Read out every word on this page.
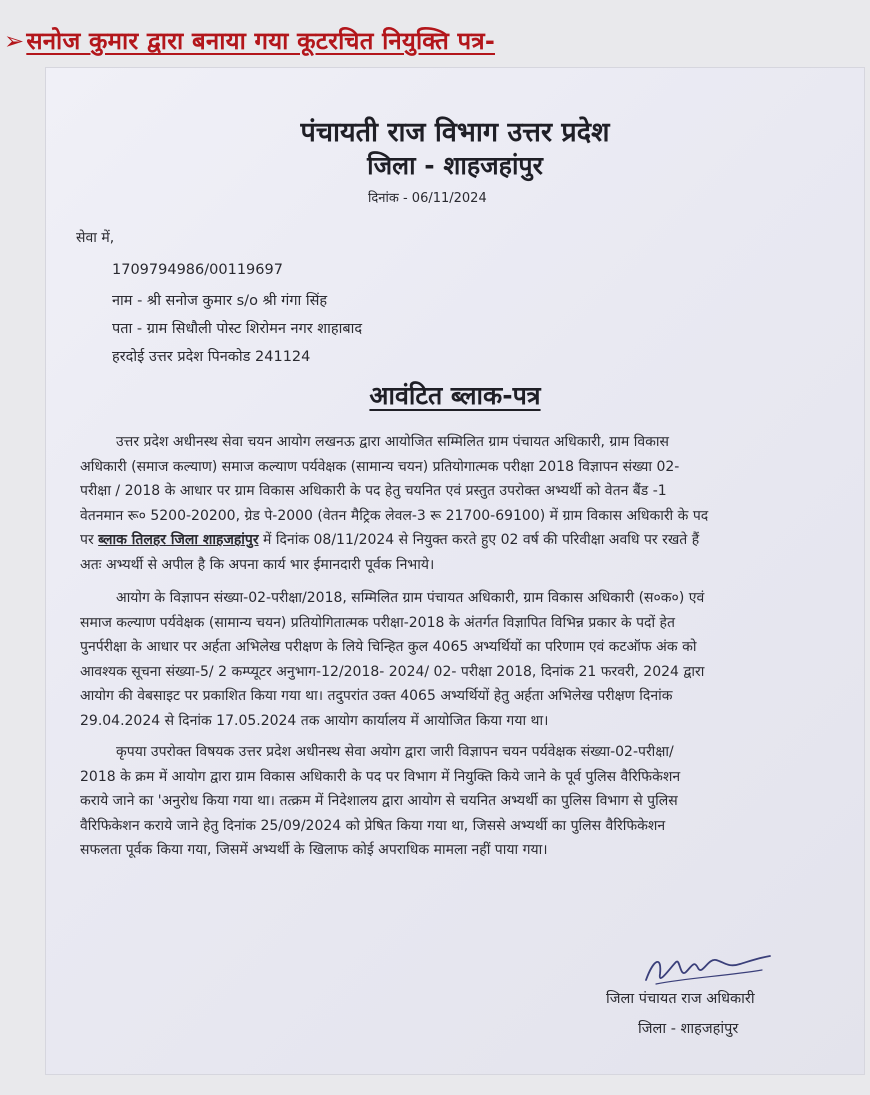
➢सनोज कुमार द्वारा बनाया गया कूटरचित नियुक्ति पत्र-
पंचायती राज विभाग उत्तर प्रदेश
जिला - शाहजहांपुर
दिनांक - 06/11/2024
सेवा में,
1709794986/00119697
नाम - श्री सनोज कुमार s/o श्री गंगा सिंह
पता - ग्राम सिधौली पोस्ट शिरोमन नगर शाहाबाद
हरदोई उत्तर प्रदेश पिनकोड 241124
आवंटित ब्लाक-पत्र
उत्तर प्रदेश अधीनस्थ सेवा चयन आयोग लखनऊ द्वारा आयोजित सम्मिलित ग्राम पंचायत अधिकारी, ग्राम विकास
अधिकारी (समाज कल्याण) समाज कल्याण पर्यवेक्षक (सामान्य चयन) प्रतियोगात्मक परीक्षा 2018 विज्ञापन संख्या 02-
परीक्षा / 2018 के आधार पर ग्राम विकास अधिकारी के पद हेतु चयनित एवं प्रस्तुत उपरोक्त अभ्यर्थी को वेतन बैंड -1
वेतनमान रू० 5200-20200, ग्रेड पे-2000 (वेतन मैट्रिक लेवल-3 रू 21700-69100) में ग्राम विकास अधिकारी के पद
पर ब्लाक तिलहर जिला शाहजहांपुर में दिनांक 08/11/2024 से नियुक्त करते हुए 02 वर्ष की परिवीक्षा अवधि पर रखते हैं
अतः अभ्यर्थी से अपील है कि अपना कार्य भार ईमानदारी पूर्वक निभाये।
आयोग के विज्ञापन संख्या-02-परीक्षा/2018, सम्मिलित ग्राम पंचायत अधिकारी, ग्राम विकास अधिकारी (स०क०) एवं
समाज कल्याण पर्यवेक्षक (सामान्य चयन) प्रतियोगितात्मक परीक्षा-2018 के अंतर्गत विज्ञापित विभिन्न प्रकार के पदों हेत
पुनर्परीक्षा के आधार पर अर्हता अभिलेख परीक्षण के लिये चिन्हित कुल 4065 अभ्यर्थियों का परिणाम एवं कटऑफ अंक को
आवश्यक सूचना संख्या-5/ 2 कम्प्यूटर अनुभाग-12/2018- 2024/ 02- परीक्षा 2018, दिनांक 21 फरवरी, 2024 द्वारा
आयोग की वेबसाइट पर प्रकाशित किया गया था। तदुपरांत उक्त 4065 अभ्यर्थियों हेतु अर्हता अभिलेख परीक्षण दिनांक
29.04.2024 से दिनांक 17.05.2024 तक आयोग कार्यालय में आयोजित किया गया था।
कृपया उपरोक्त विषयक उत्तर प्रदेश अधीनस्थ सेवा अयोग द्वारा जारी विज्ञापन चयन पर्यवेक्षक संख्या-02-परीक्षा/
2018 के क्रम में आयोग द्वारा ग्राम विकास अधिकारी के पद पर विभाग में नियुक्ति किये जाने के पूर्व पुलिस वैरिफिकेशन
कराये जाने का 'अनुरोध किया गया था। तत्क्रम में निदेशालय द्वारा आयोग से चयनित अभ्यर्थी का पुलिस विभाग से पुलिस
वैरिफिकेशन कराये जाने हेतु दिनांक 25/09/2024 को प्रेषित किया गया था, जिससे अभ्यर्थी का पुलिस वैरिफिकेशन
सफलता पूर्वक किया गया, जिसमें अभ्यर्थी के खिलाफ कोई अपराधिक मामला नहीं पाया गया।
जिला पंचायत राज अधिकारी
जिला - शाहजहांपुर
